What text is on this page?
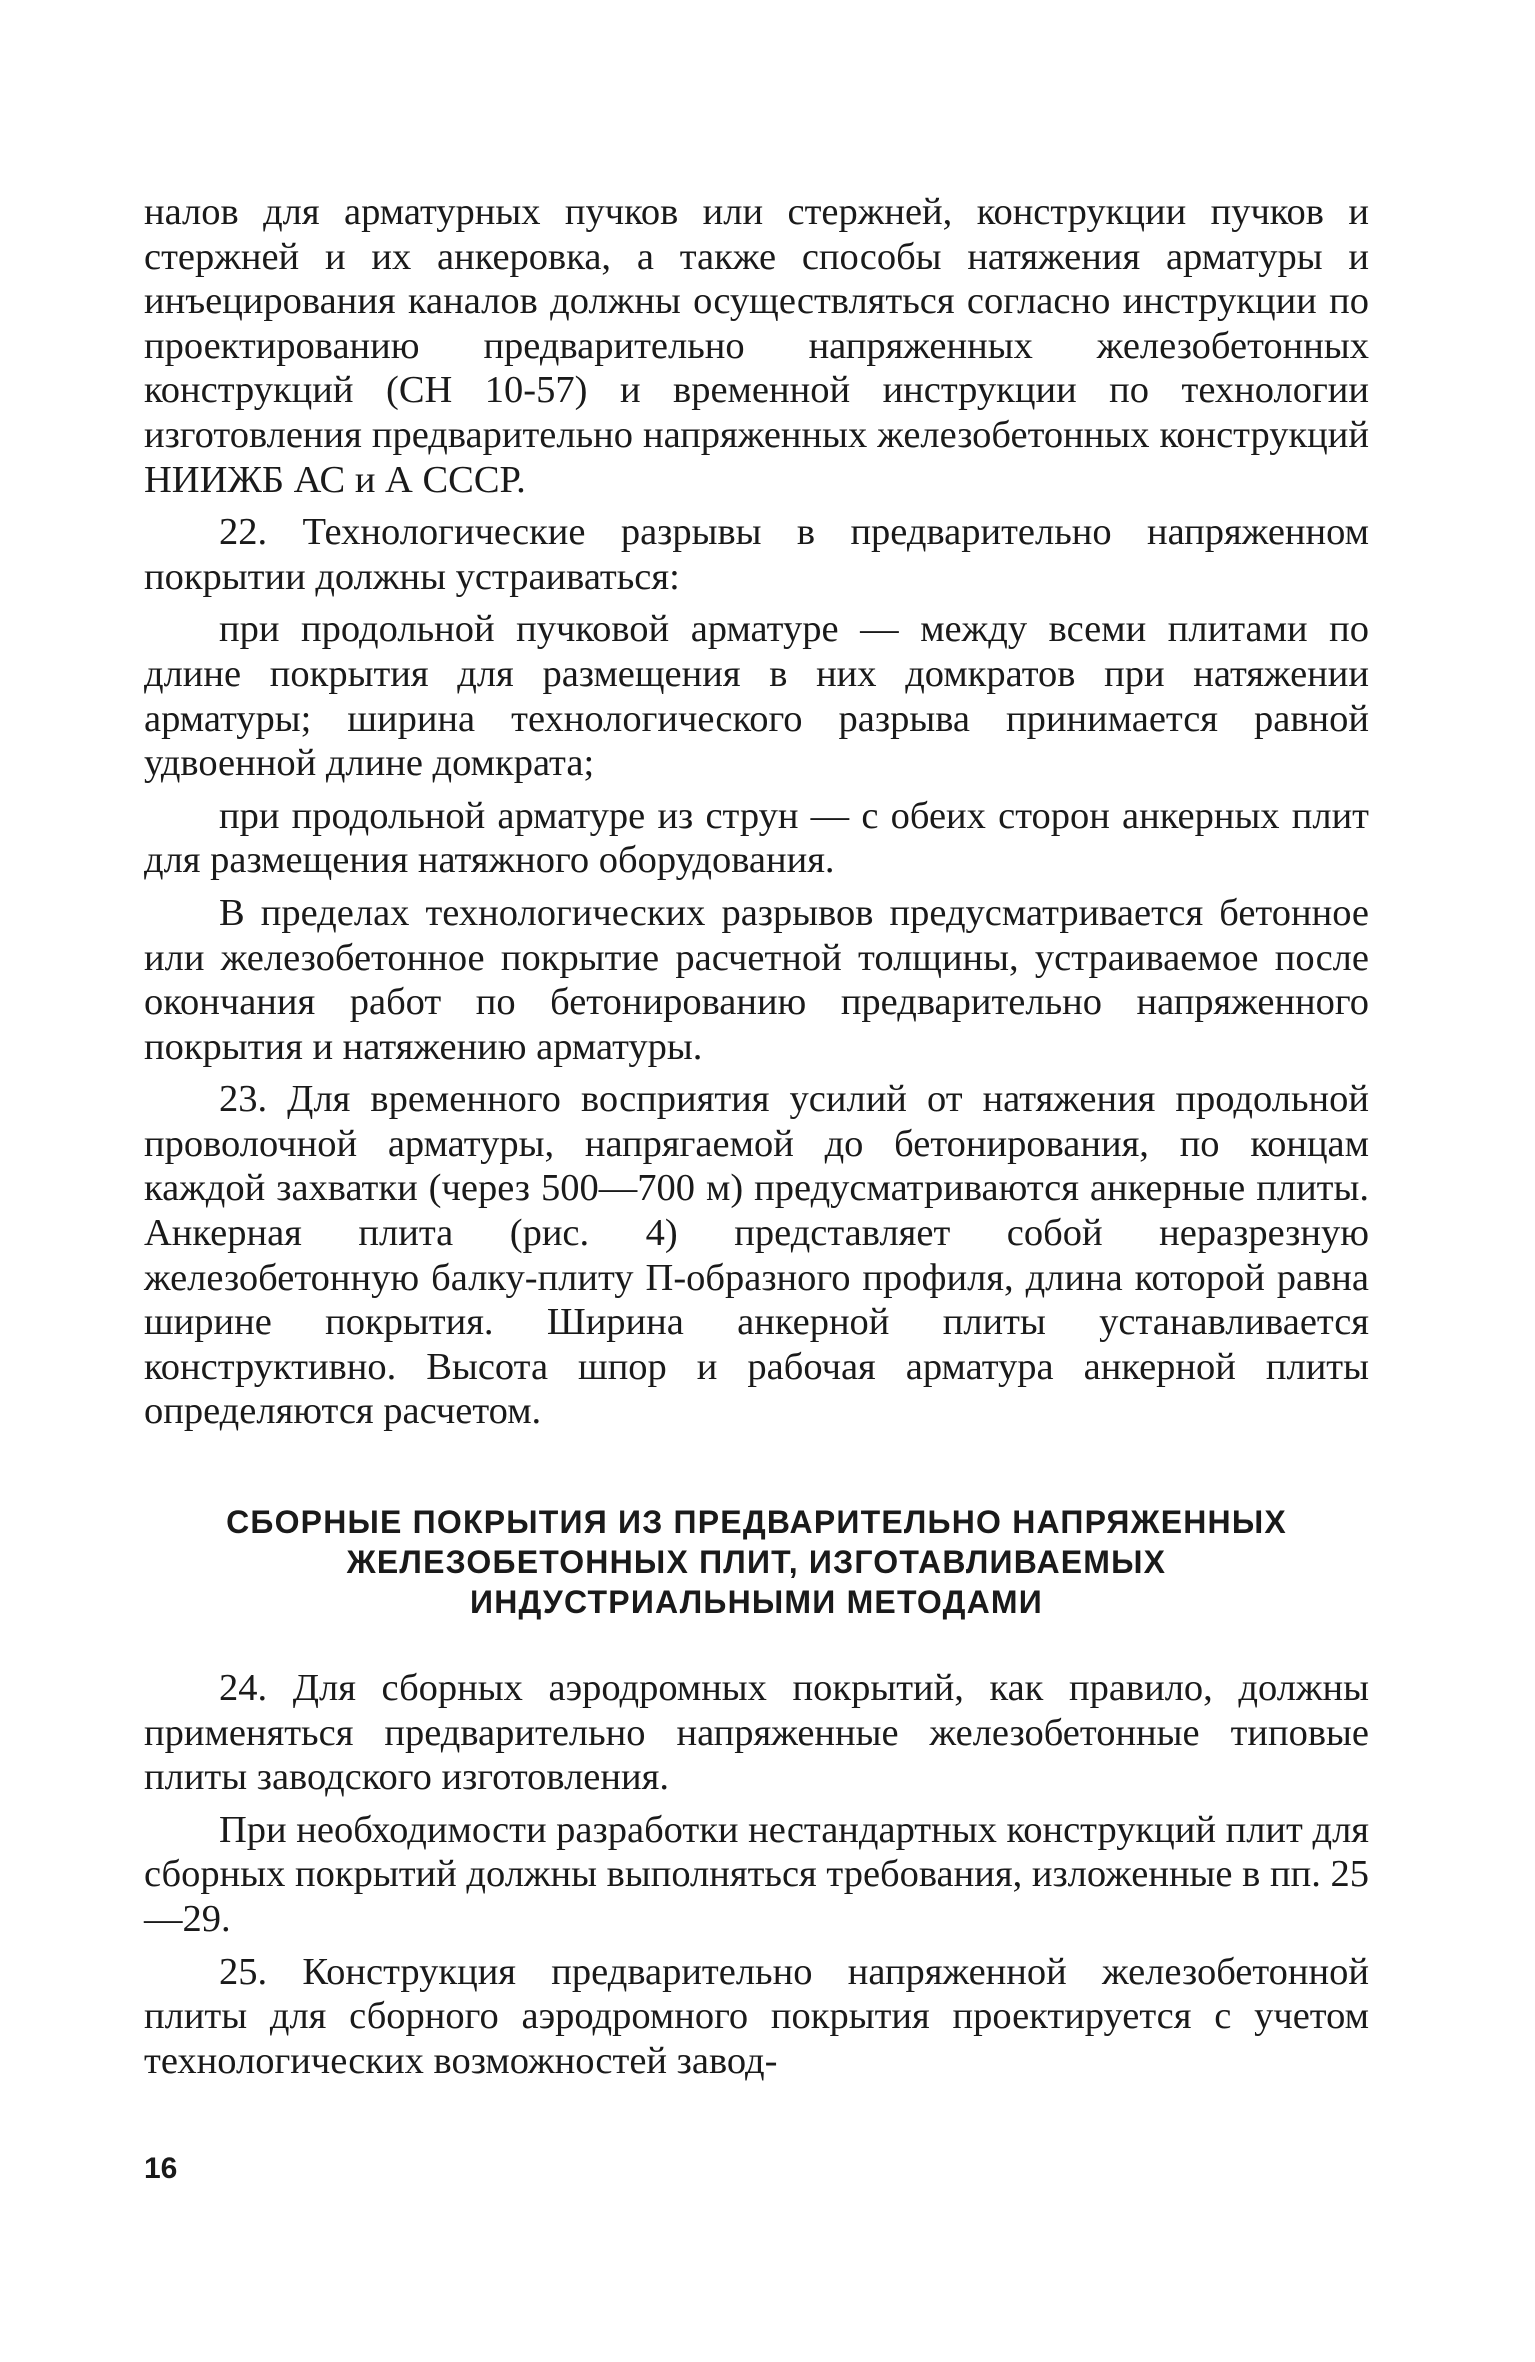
налов для арматурных пучков или стержней, конструкции пучков и стержней и их анкеровка, а также способы натяжения арматуры и инъецирования каналов должны осуществляться согласно инструкции по проектированию предварительно напряженных железобетонных конструкций (СН 10-57) и временной инструкции по технологии изготовления предварительно напряженных железобетонных конструкций НИИЖБ АС и А СССР.

22. Технологические разрывы в предварительно напряженном покрытии должны устраиваться:

при продольной пучковой арматуре — между всеми плитами по длине покрытия для размещения в них домкратов при натяжении арматуры; ширина технологического разрыва принимается равной удвоенной длине домкрата;

при продольной арматуре из струн — с обеих сторон анкерных плит для размещения натяжного оборудования.

В пределах технологических разрывов предусматривается бетонное или железобетонное покрытие расчетной толщины, устраиваемое после окончания работ по бетонированию предварительно напряженного покрытия и натяжению арматуры.

23. Для временного восприятия усилий от натяжения продольной проволочной арматуры, напрягаемой до бетонирования, по концам каждой захватки (через 500—700 м) предусматриваются анкерные плиты. Анкерная плита (рис. 4) представляет собой неразрезную железобетонную балку-плиту П-образного профиля, длина которой равна ширине покрытия. Ширина анкерной плиты устанавливается конструктивно. Высота шпор и рабочая арматура анкерной плиты определяются расчетом.

СБОРНЫЕ ПОКРЫТИЯ ИЗ ПРЕДВАРИТЕЛЬНО НАПРЯЖЕННЫХ
ЖЕЛЕЗОБЕТОННЫХ ПЛИТ, ИЗГОТАВЛИВАЕМЫХ
ИНДУСТРИАЛЬНЫМИ МЕТОДАМИ

24. Для сборных аэродромных покрытий, как правило, должны применяться предварительно напряженные железобетонные типовые плиты заводского изготовления.

При необходимости разработки нестандартных конструкций плит для сборных покрытий должны выполняться требования, изложенные в пп. 25—29.

25. Конструкция предварительно напряженной железобетонной плиты для сборного аэродромного покрытия проектируется с учетом технологических возможностей завод-

16
